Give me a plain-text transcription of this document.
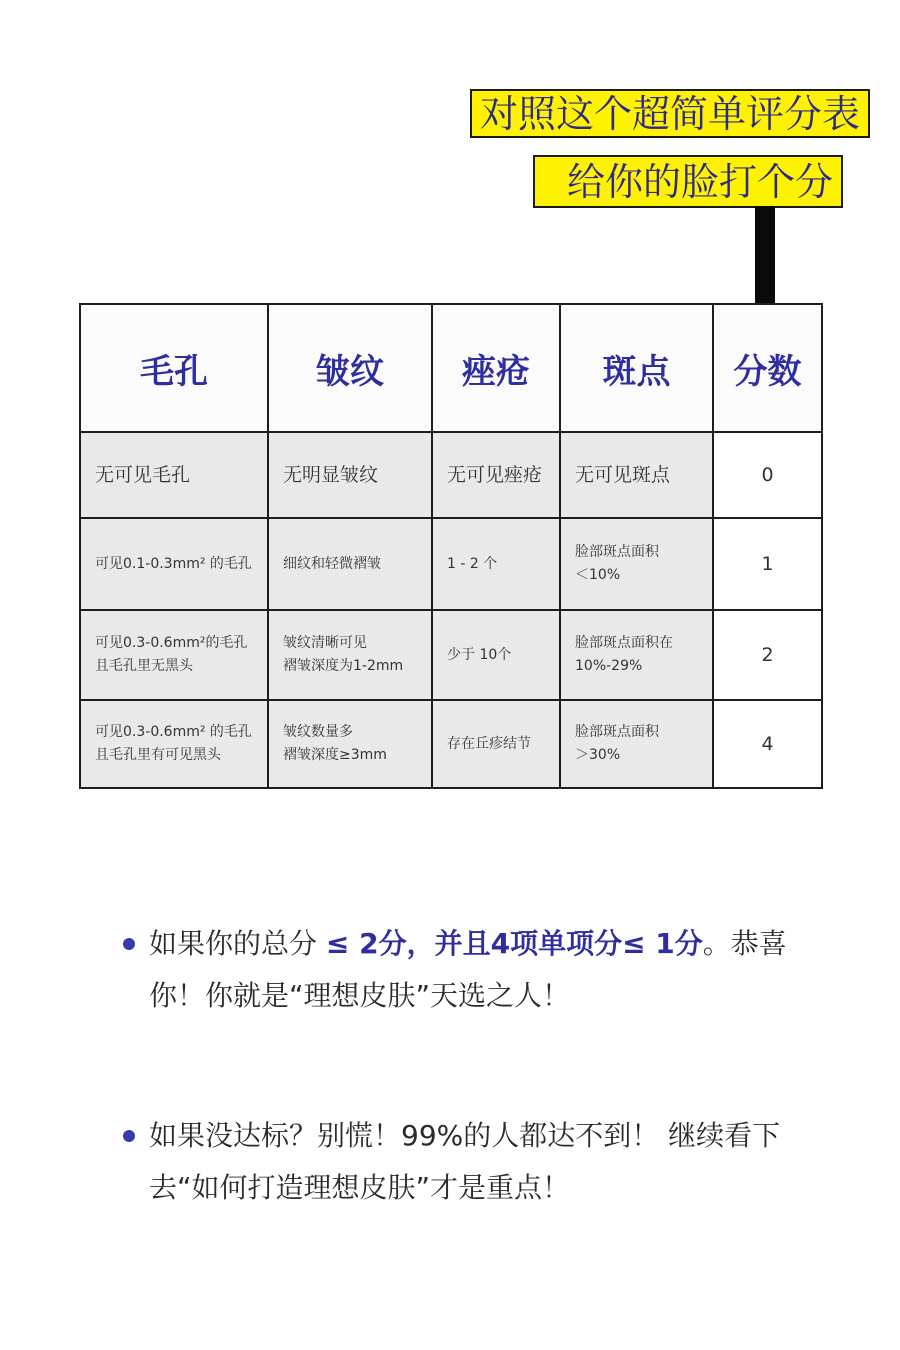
对照这个超简单评分表
给你的脸打个分
毛孔	皱纹	痤疮	斑点	分数

无可见毛孔	无明显皱纹	无可见痤疮	无可见斑点	0

可见0.1-0.3mm² 的毛孔	细纹和轻微褶皱	1 - 2 个	脸部斑点面积
＜10%	1

可见0.3-0.6mm²的毛孔
且毛孔里无黑头	皱纹清晰可见
褶皱深度为1-2mm	少于 10个	脸部斑点面积在
10%-29%	2

可见0.3-0.6mm² 的毛孔
且毛孔里有可见黑头	皱纹数量多
褶皱深度≥3mm	存在丘疹结节	脸部斑点面积
＞30%	4
如果你的总分 ≤ 2分，并且4项单项分≤ 1分。恭喜你！你就是“理想皮肤”天选之人！
如果没达标？别慌！99%的人都达不到！ 继续看下去“如何打造理想皮肤”才是重点！
